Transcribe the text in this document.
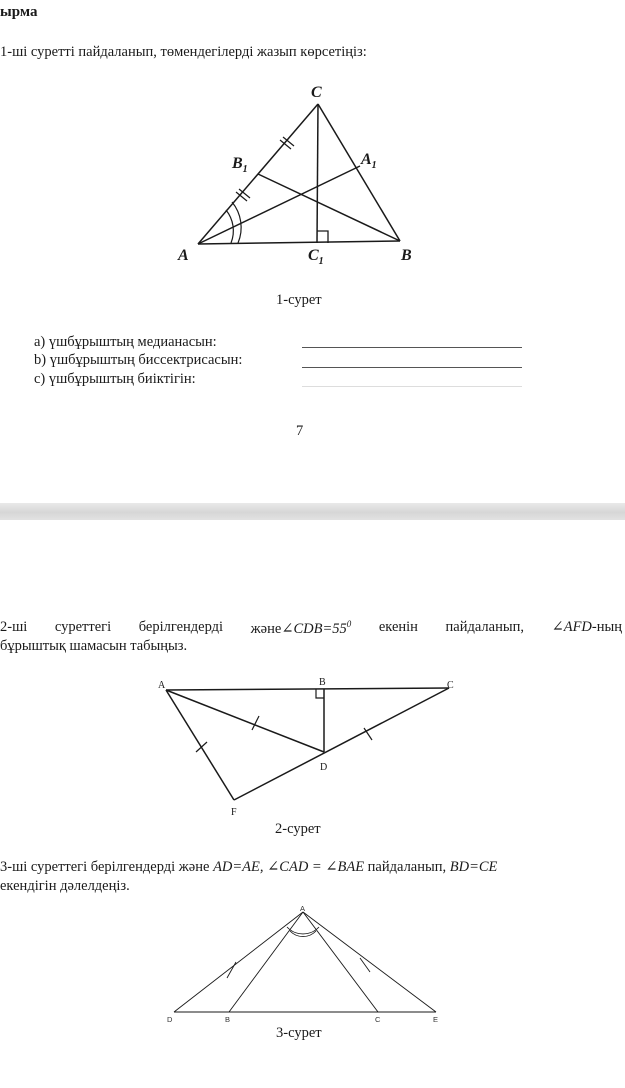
ырма
1-ші суретті пайдаланып, төмендегілерді жазып көрсетіңіз:
C
B
A
$B_1$
$A_1$
$C_1$
1-сурет
а) үшбұрыштың медианасын:
b) үшбұрыштың биссектрисасын:
с) үшбұрыштың биіктігін:
7
2-ші суреттегі берілгендерді $және\angle CDB=55^0$ екенін пайдаланып, ∠AFD-ның
бұрыштық шамасын табыңыз.
A	B	C
D
F
2-сурет
3-ші суреттегі берілгендерді және AD=AE, ∠CAD = ∠BAE пайдаланып, BD=CE
екендігін дәлелдеңіз.
A
D	B	C	E
3-сурет
